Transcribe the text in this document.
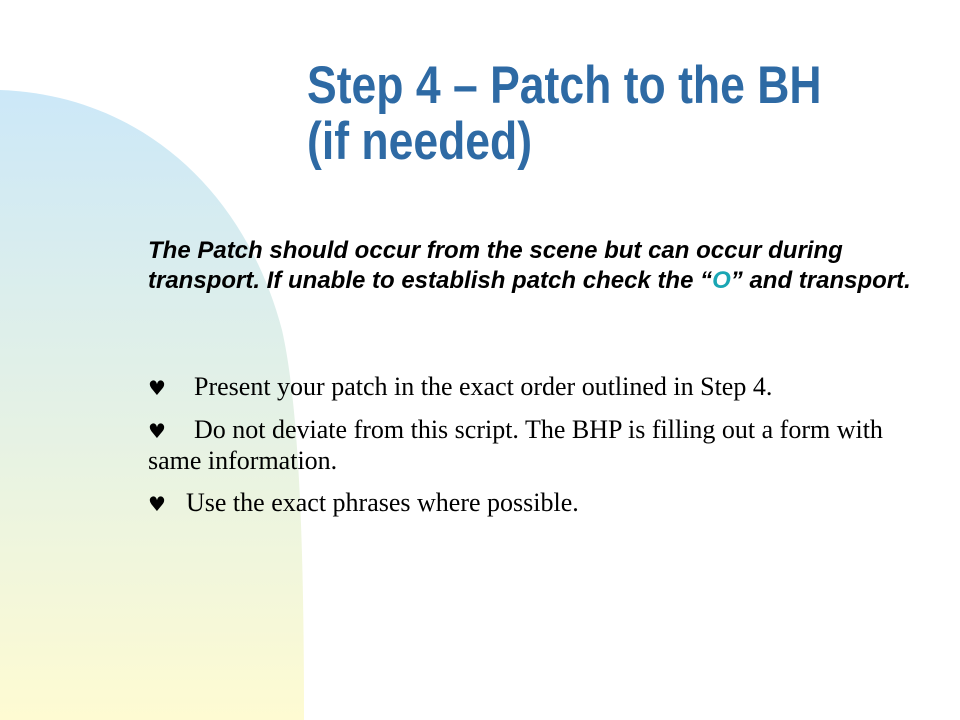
Step 4 – Patch to the BH
(if needed)

The Patch should occur from the scene but can occur during transport. If unable to establish patch check the “O” and transport.

♥ Present your patch in the exact order outlined in Step 4.
♥ Do not deviate from this script. The BHP is filling out a form with same information.
♥ Use the exact phrases where possible.
